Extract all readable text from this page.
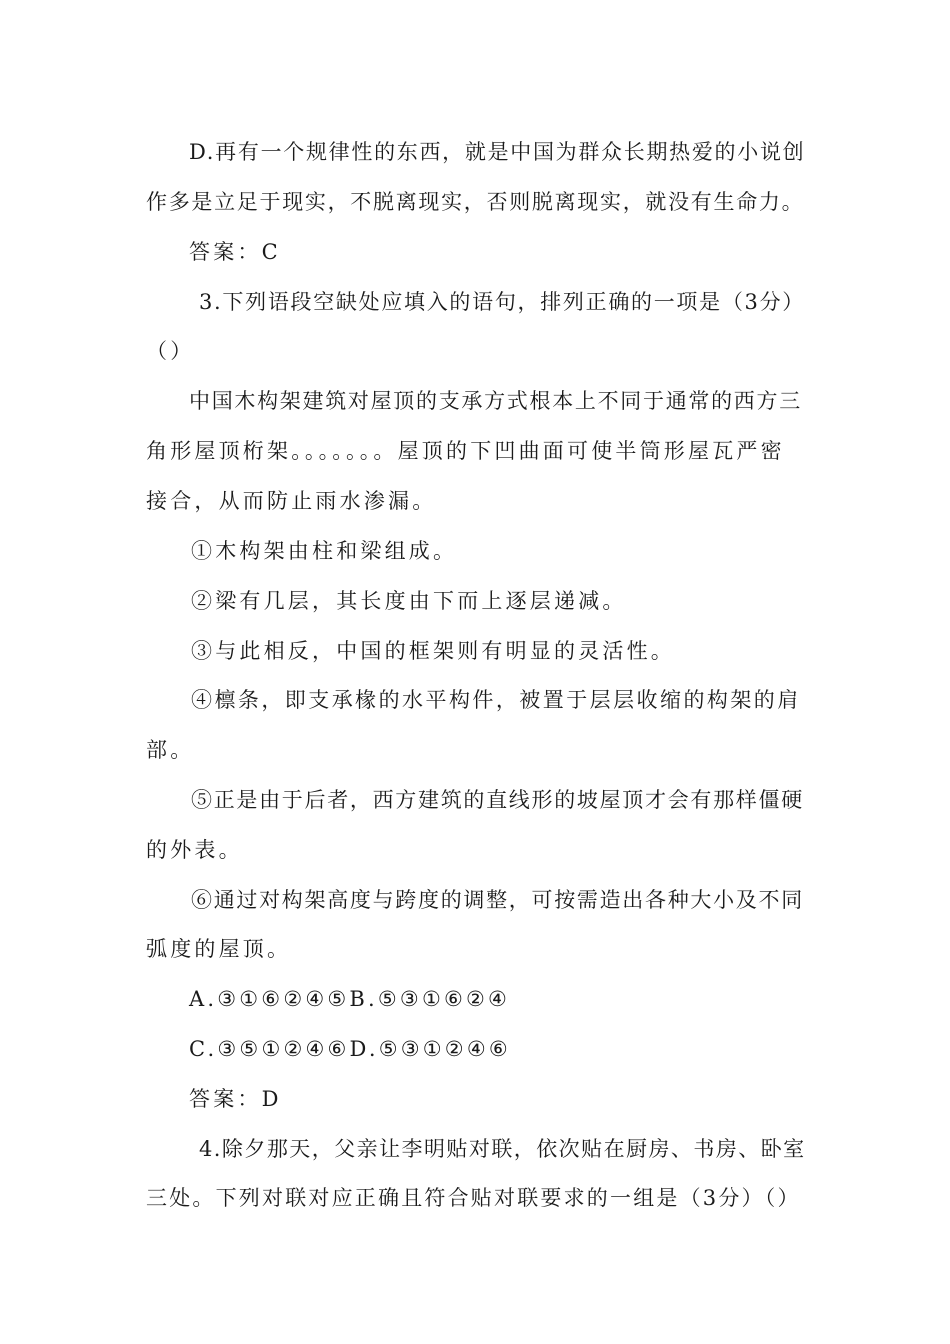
D.再有一个规律性的东西，就是中国为群众长期热爱的小说创
作多是立足于现实，不脱离现实，否则脱离现实，就没有生命力。
答案：C
3.下列语段空缺处应填入的语句，排列正确的一项是（3分）
（）
中国木构架建筑对屋顶的支承方式根本上不同于通常的西方三
角形屋顶桁架。。。。。。。屋顶的下凹曲面可使半筒形屋瓦严密
接合，从而防止雨水渗漏。
①木构架由柱和梁组成。
②梁有几层，其长度由下而上逐层递减。
③与此相反，中国的框架则有明显的灵活性。
④檩条，即支承椽的水平构件，被置于层层收缩的构架的肩
部。
⑤正是由于后者，西方建筑的直线形的坡屋顶才会有那样僵硬
的外表。
⑥通过对构架高度与跨度的调整，可按需造出各种大小及不同
弧度的屋顶。
A.③①⑥②④⑤B.⑤③①⑥②④
C.③⑤①②④⑥D.⑤③①②④⑥
答案：D
4.除夕那天，父亲让李明贴对联，依次贴在厨房、书房、卧室
三处。下列对联对应正确且符合贴对联要求的一组是（3分）（）
